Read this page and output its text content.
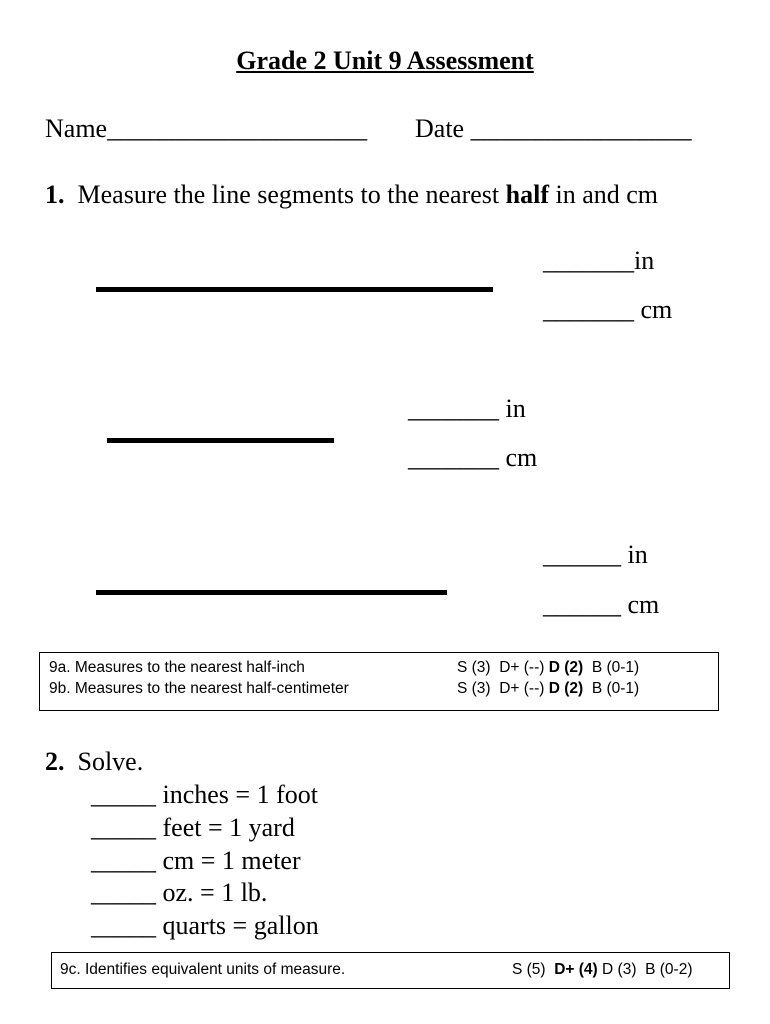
Grade 2 Unit 9 Assessment
Name____________________ Date _________________
1. Measure the line segments to the nearest half in and cm
_______in
_______ cm
_______ in
_______ cm
______ in
______ cm
9a. Measures to the nearest half-inch	S (3) D+ (--) D (2) B (0-1)
9b. Measures to the nearest half-centimeter	S (3) D+ (--) D (2) B (0-1)
2. Solve.
_____ inches = 1 foot
_____ feet = 1 yard
_____ cm = 1 meter
_____ oz. = 1 lb.
_____ quarts = gallon
9c. Identifies equivalent units of measure.	S (5) D+ (4) D (3) B (0-2)
